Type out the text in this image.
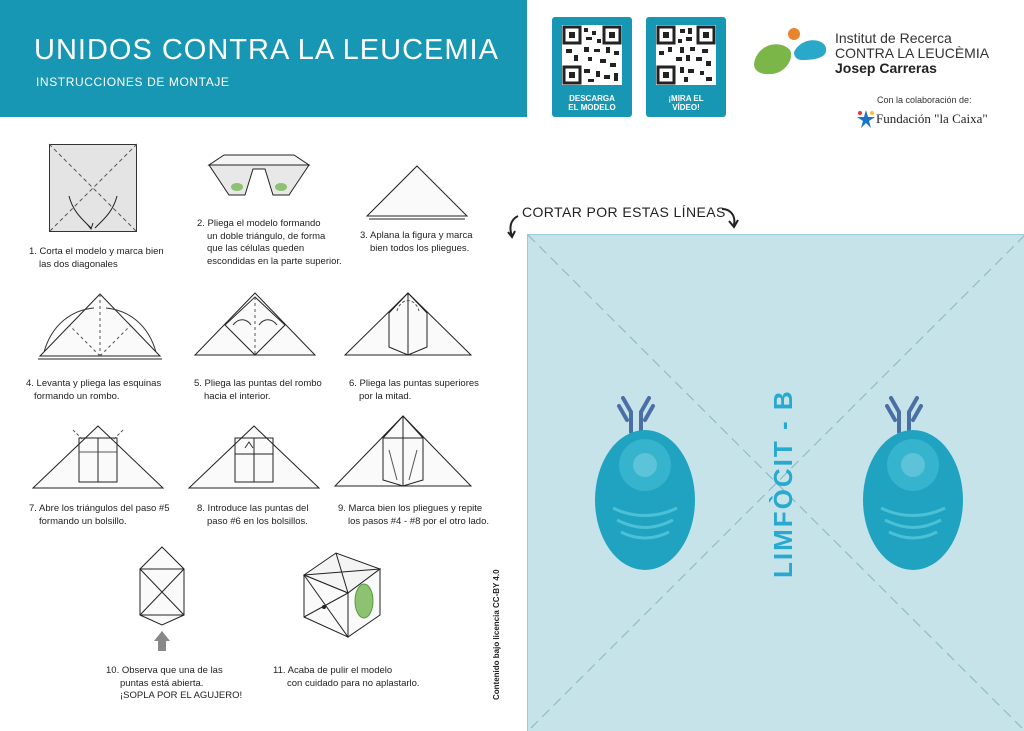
UNIDOS CONTRA LA LEUCEMIA
INSTRUCCIONES DE MONTAJE
DESCARGA
EL MODELO
¡MIRA EL
VÍDEO!
Institut de Recerca
CONTRA LA LEUCÈMIA
Josep Carreras
Con la colaboración de:
Fundación "la Caixa"
1. Corta el modelo y marca bien
las dos diagonales
2. Pliega el modelo formando
un doble triángulo, de forma
que las células queden
escondidas en la parte superior.
3. Aplana la figura y marca
bien todos los pliegues.
4. Levanta y pliega las esquinas
formando un rombo.
5. Pliega las puntas del rombo
hacia el interior.
6. Pliega las puntas superiores
por la mitad.
7. Abre los triángulos del paso #5
formando un bolsillo.
8. Introduce las puntas del
paso #6 en los bolsillos.
9. Marca bien los pliegues y repite
los pasos #4 - #8 por el otro lado.
10. Observa que una de las
puntas está abierta.
¡SOPLA POR EL AGUJERO!
11. Acaba de pulir el modelo
con cuidado para no aplastarlo.	Contenido bajo licencia CC-BY 4.0
CORTAR POR ESTAS LÍNEAS
LIMFÒCIT - B
